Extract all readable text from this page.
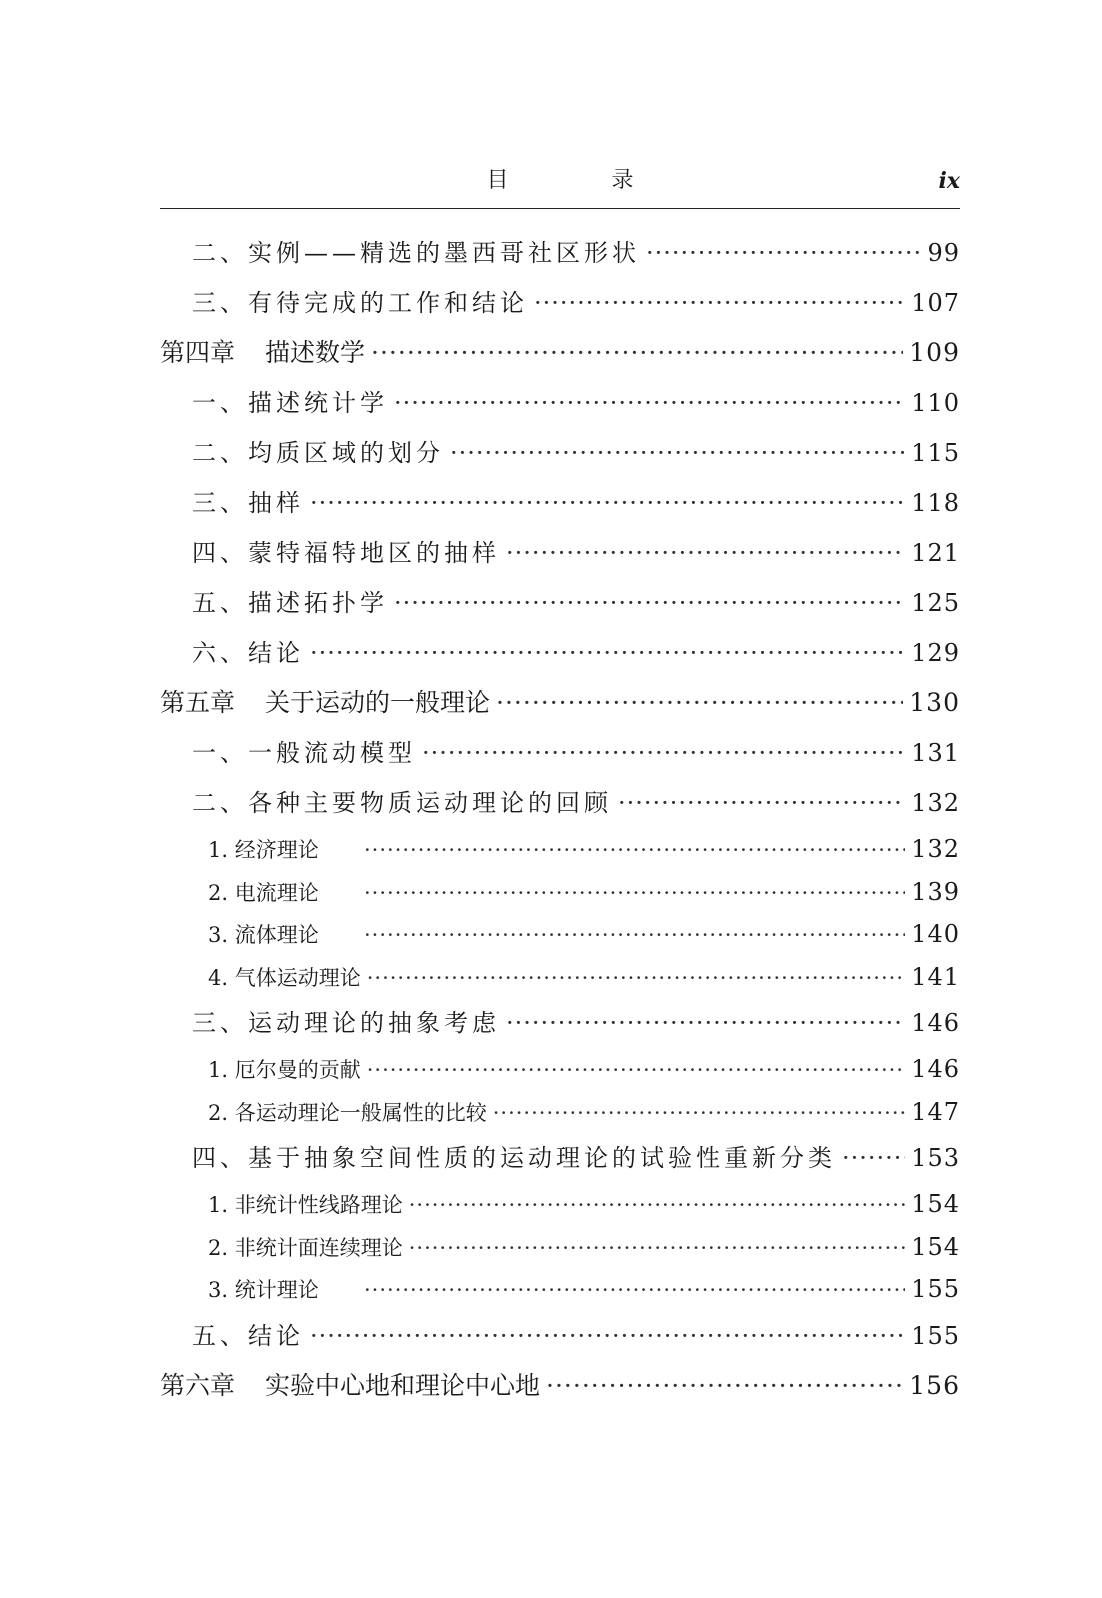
目 录	ix
二、实例——精选的墨西哥社区形状 ·····	99
三、有待完成的工作和结论 ·····	107
第四章 描述数学 ·····	109
一、描述统计学 ·····	110
二、均质区域的划分 ·····	115
三、抽样 ·····	118
四、蒙特福特地区的抽样 ·····	121
五、描述拓扑学 ·····	125
六、结论 ·····	129
第五章 关于运动的一般理论 ·····	130
一、一般流动模型 ·····	131
二、各种主要物质运动理论的回顾 ·····	132
1. 经济理论 ·····	132
2. 电流理论 ·····	139
3. 流体理论 ·····	140
4. 气体运动理论 ·····	141
三、运动理论的抽象考虑 ·····	146
1. 厄尔曼的贡献 ·····	146
2. 各运动理论一般属性的比较 ·····	147
四、基于抽象空间性质的运动理论的试验性重新分类 ·····	153
1. 非统计性线路理论 ·····	154
2. 非统计面连续理论 ·····	154
3. 统计理论 ·····	155
五、结论 ·····	155
第六章 实验中心地和理论中心地 ·····	156
